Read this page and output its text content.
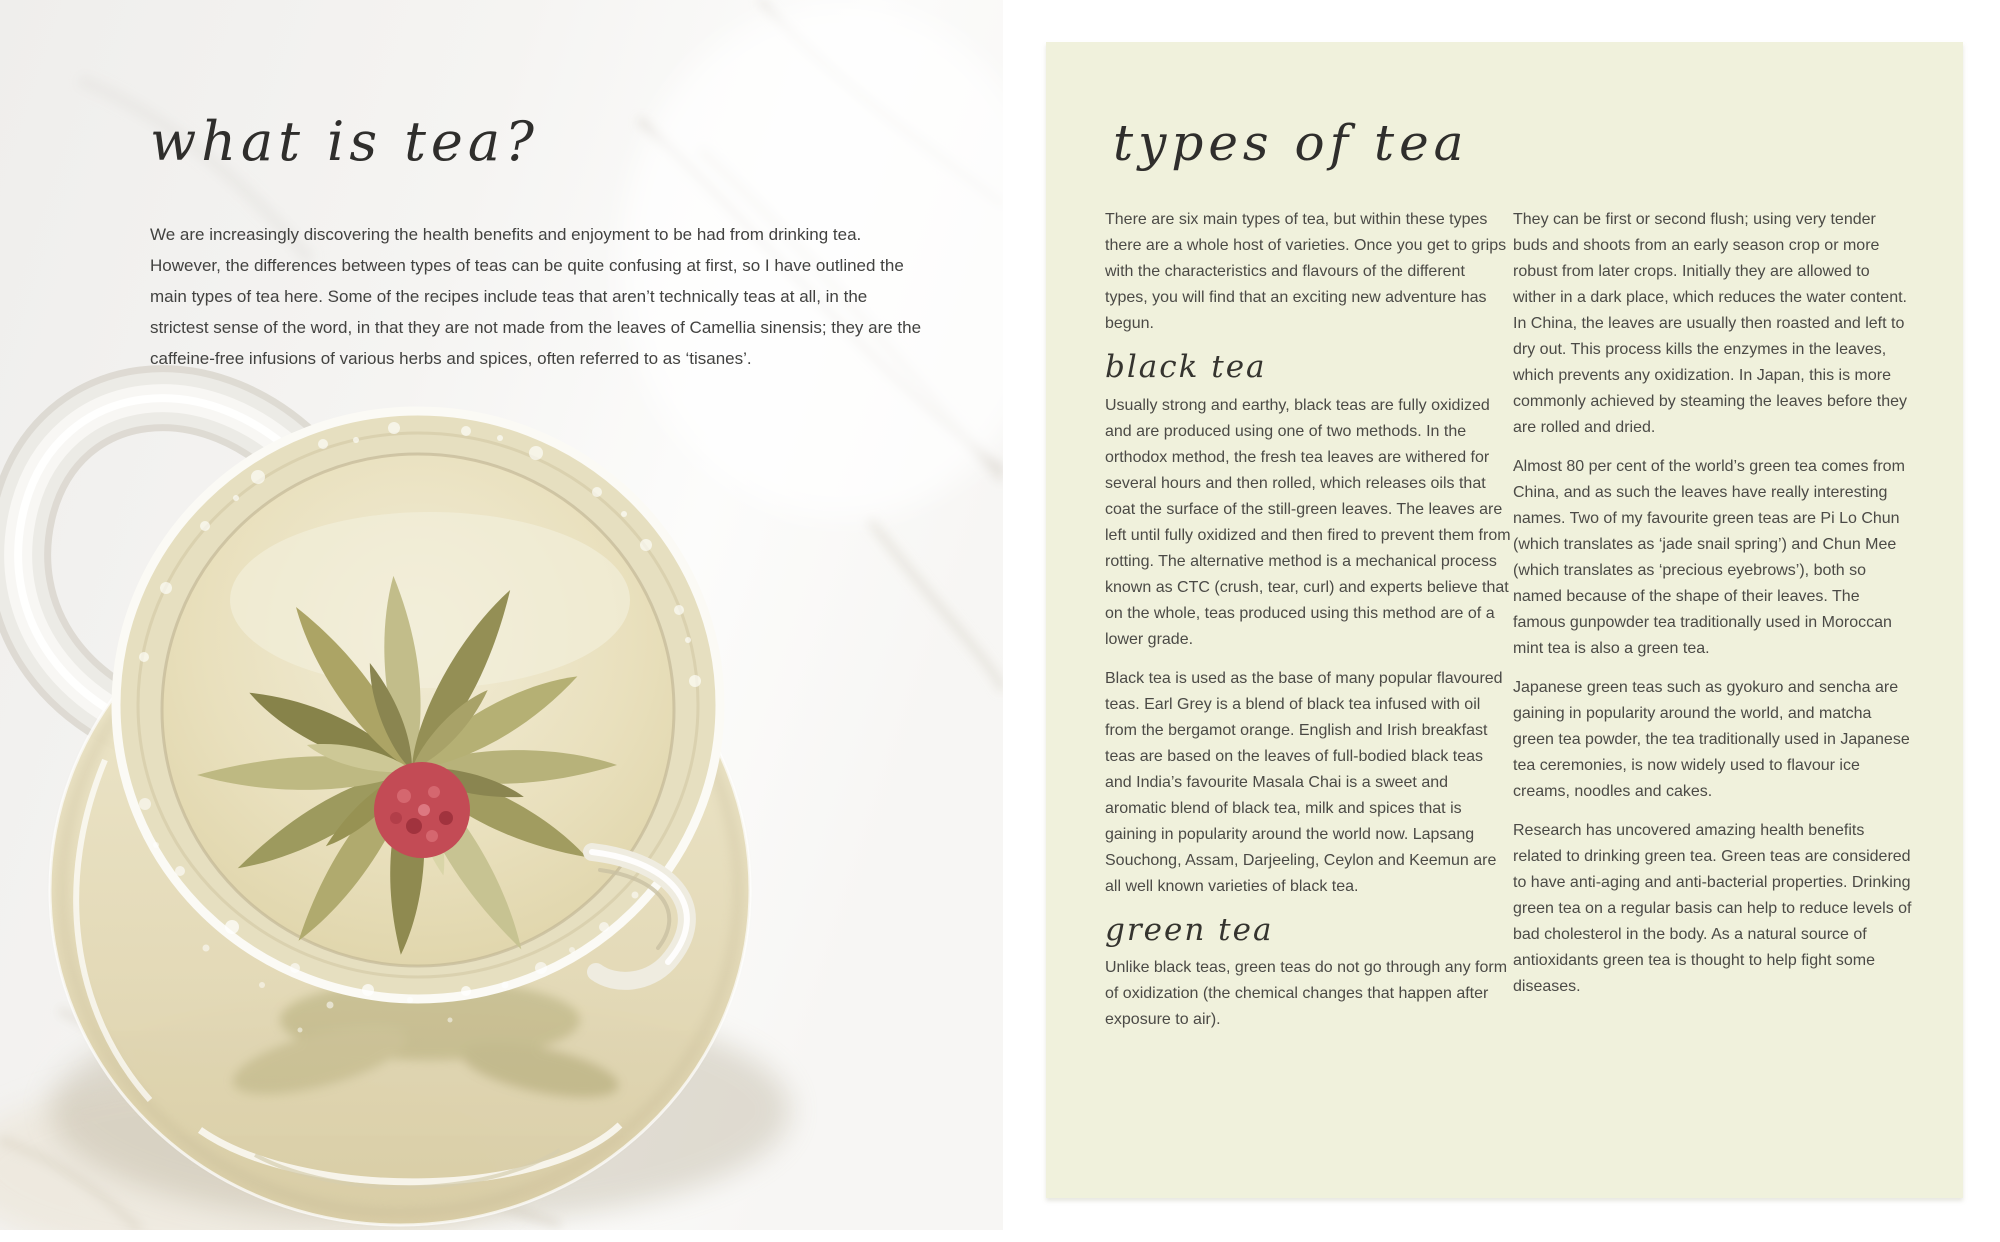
what is tea?

We are increasingly discovering the health benefits and enjoyment to be had from drinking tea. However, the differences between types of teas can be quite confusing at first, so I have outlined the main types of tea here. Some of the recipes include teas that aren’t technically teas at all, in the strictest sense of the word, in that they are not made from the leaves of Camellia sinensis; they are the caffeine-free infusions of various herbs and spices, often referred to as ‘tisanes’.

types of tea

There are six main types of tea, but within these types there are a whole host of varieties. Once you get to grips with the characteristics and flavours of the different types, you will find that an exciting new adventure has begun.

black tea

Usually strong and earthy, black teas are fully oxidized and are produced using one of two methods. In the orthodox method, the fresh tea leaves are withered for several hours and then rolled, which releases oils that coat the surface of the still-green leaves. The leaves are left until fully oxidized and then fired to prevent them from rotting. The alternative method is a mechanical process known as CTC (crush, tear, curl) and experts believe that on the whole, teas produced using this method are of a lower grade.

Black tea is used as the base of many popular flavoured teas. Earl Grey is a blend of black tea infused with oil from the bergamot orange. English and Irish breakfast teas are based on the leaves of full-bodied black teas and India’s favourite Masala Chai is a sweet and aromatic blend of black tea, milk and spices that is gaining in popularity around the world now. Lapsang Souchong, Assam, Darjeeling, Ceylon and Keemun are all well known varieties of black tea.

green tea

Unlike black teas, green teas do not go through any form of oxidization (the chemical changes that happen after exposure to air).

They can be first or second flush; using very tender buds and shoots from an early season crop or more robust from later crops. Initially they are allowed to wither in a dark place, which reduces the water content. In China, the leaves are usually then roasted and left to dry out. This process kills the enzymes in the leaves, which prevents any oxidization. In Japan, this is more commonly achieved by steaming the leaves before they are rolled and dried.

Almost 80 per cent of the world’s green tea comes from China, and as such the leaves have really interesting names. Two of my favourite green teas are Pi Lo Chun (which translates as ‘jade snail spring’) and Chun Mee (which translates as ‘precious eyebrows’), both so named because of the shape of their leaves. The famous gunpowder tea traditionally used in Moroccan mint tea is also a green tea.

Japanese green teas such as gyokuro and sencha are gaining in popularity around the world, and matcha green tea powder, the tea traditionally used in Japanese tea ceremonies, is now widely used to flavour ice creams, noodles and cakes.

Research has uncovered amazing health benefits related to drinking green tea. Green teas are considered to have anti-aging and anti-bacterial properties. Drinking green tea on a regular basis can help to reduce levels of bad cholesterol in the body. As a natural source of antioxidants green tea is thought to help fight some diseases.
